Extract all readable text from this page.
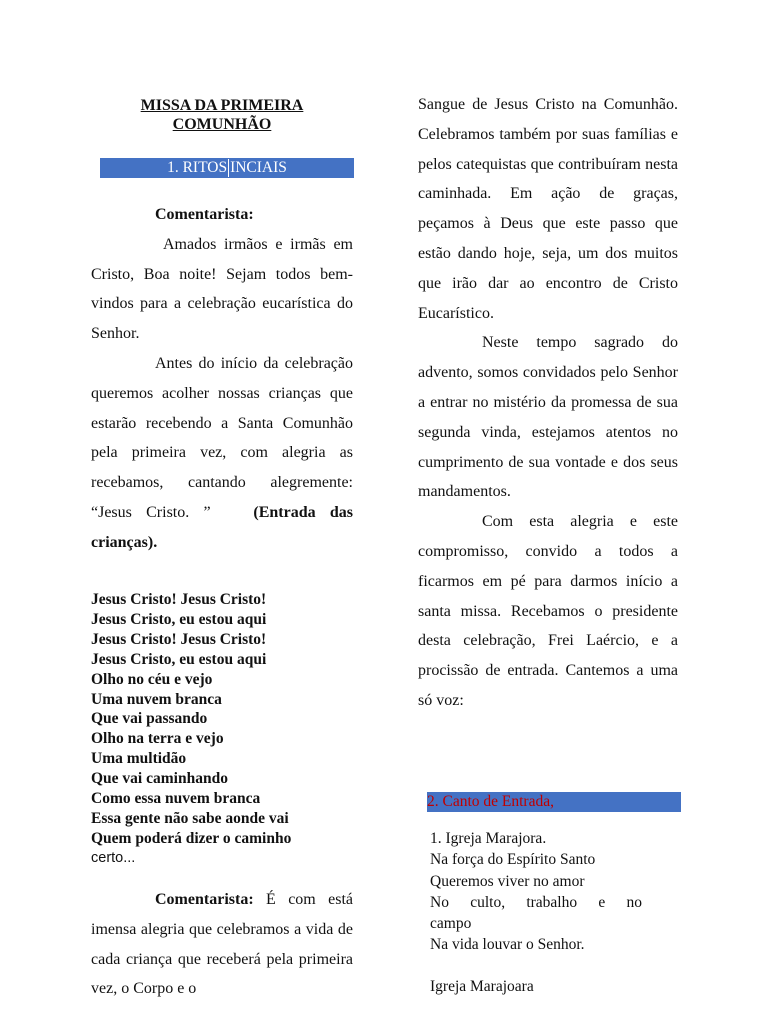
MISSA DA PRIMEIRA
COMUNHÃO
1. RITOS INCIAIS

Comentarista:

Amados irmãos e irmãs em Cristo, Boa noite! Sejam todos bem-vindos para a celebração eucarística do Senhor.

Antes do início da celebração queremos acolher nossas crianças que estarão recebendo a Santa Comunhão pela primeira vez, com alegria as recebamos, cantando alegremente: “Jesus Cristo. ”	(Entrada das crianças).

Jesus Cristo! Jesus Cristo!
Jesus Cristo, eu estou aqui
Jesus Cristo! Jesus Cristo!
Jesus Cristo, eu estou aqui
Olho no céu e vejo
Uma nuvem branca
Que vai passando
Olho na terra e vejo
Uma multidão
Que vai caminhando
Como essa nuvem branca
Essa gente não sabe aonde vai
Quem poderá dizer o caminho
certo...

Comentarista: É com está imensa alegria que celebramos a vida de cada criança que receberá pela primeira vez, o Corpo e o

Sangue de Jesus Cristo na Comunhão. Celebramos também por suas famílias e pelos catequistas que contribuíram nesta caminhada. Em ação de graças, peçamos à Deus que este passo que estão dando hoje, seja, um dos muitos que irão dar ao encontro de Cristo Eucarístico.

Neste tempo sagrado do advento, somos convidados pelo Senhor a entrar no mistério da promessa de sua segunda vinda, estejamos atentos no cumprimento de sua vontade e dos seus mandamentos.

Com esta alegria e este compromisso, convido a todos a ficarmos em pé para darmos início a santa missa. Recebamos o presidente desta celebração, Frei Laércio, e a procissão de entrada. Cantemos a uma só voz:

2. Canto de Entrada,
1. Igreja Marajora.
Na força do Espírito Santo
Queremos viver no amor
No culto, trabalho e no
campo
Na vida louvar o Senhor.
Igreja Marajoara
